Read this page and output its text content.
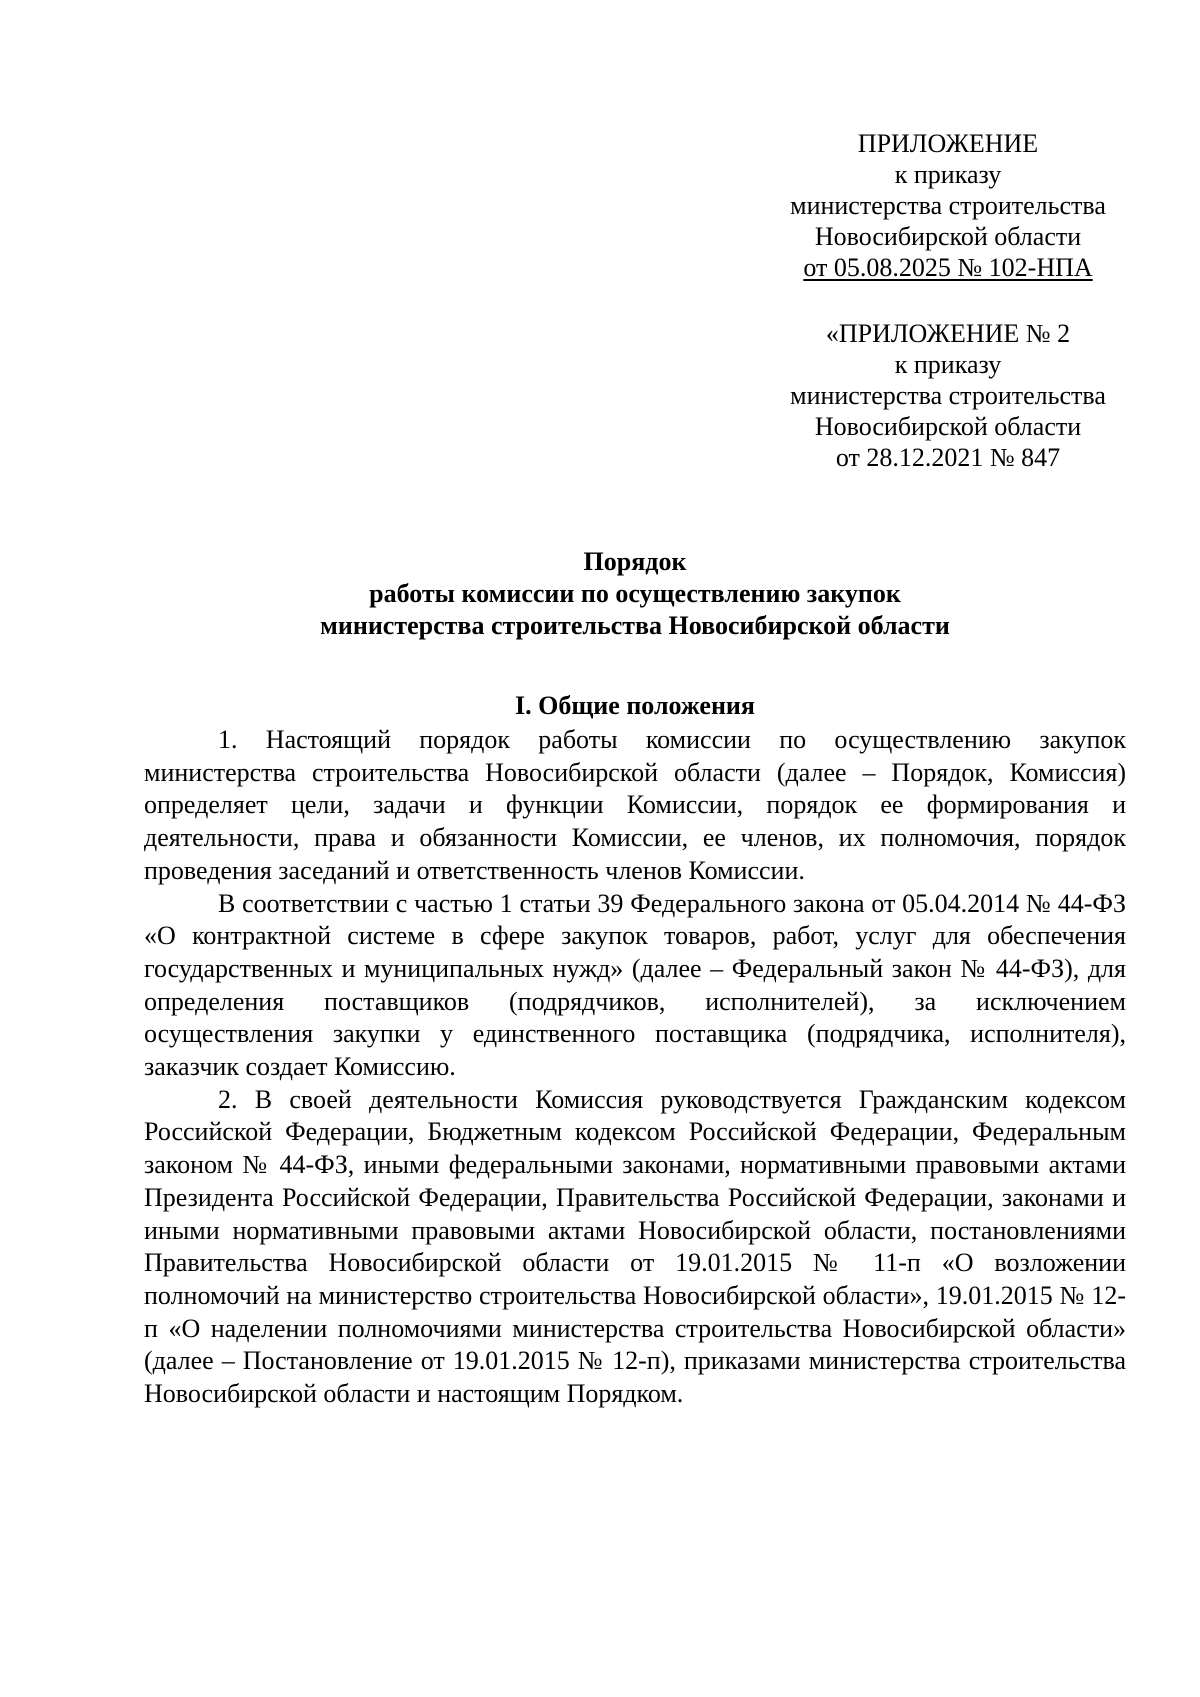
ПРИЛОЖЕНИЕ
к приказу
министерства строительства
Новосибирской области
от 05.08.2025 № 102-НПА
«ПРИЛОЖЕНИЕ № 2
к приказу
министерства строительства
Новосибирской области
от 28.12.2021 № 847
Порядок
работы комиссии по осуществлению закупок
министерства строительства Новосибирской области
I. Общие положения

1. Настоящий порядок работы комиссии по осуществлению закупок министерства строительства Новосибирской области (далее – Порядок, Комиссия) определяет цели, задачи и функции Комиссии, порядок ее формирования и деятельности, права и обязанности Комиссии, ее членов, их полномочия, порядок проведения заседаний и ответственность членов Комиссии.

В соответствии с частью 1 статьи 39 Федерального закона от 05.04.2014 № 44-ФЗ «О контрактной системе в сфере закупок товаров, работ, услуг для обеспечения государственных и муниципальных нужд» (далее – Федеральный закон № 44-ФЗ), для определения поставщиков (подрядчиков, исполнителей), за исключением осуществления закупки у единственного поставщика (подрядчика, исполнителя), заказчик создает Комиссию.

2. В своей деятельности Комиссия руководствуется Гражданским кодексом Российской Федерации, Бюджетным кодексом Российской Федерации, Федеральным законом № 44-ФЗ, иными федеральными законами, нормативными правовыми актами Президента Российской Федерации, Правительства Российской Федерации, законами и иными нормативными правовыми актами Новосибирской области, постановлениями Правительства Новосибирской области от 19.01.2015 № 11-п «О возложении полномочий на министерство строительства Новосибирской области», 19.01.2015 № 12-п «О наделении полномочиями министерства строительства Новосибирской области» (далее – Постановление от 19.01.2015 № 12-п), приказами министерства строительства Новосибирской области и настоящим Порядком.
